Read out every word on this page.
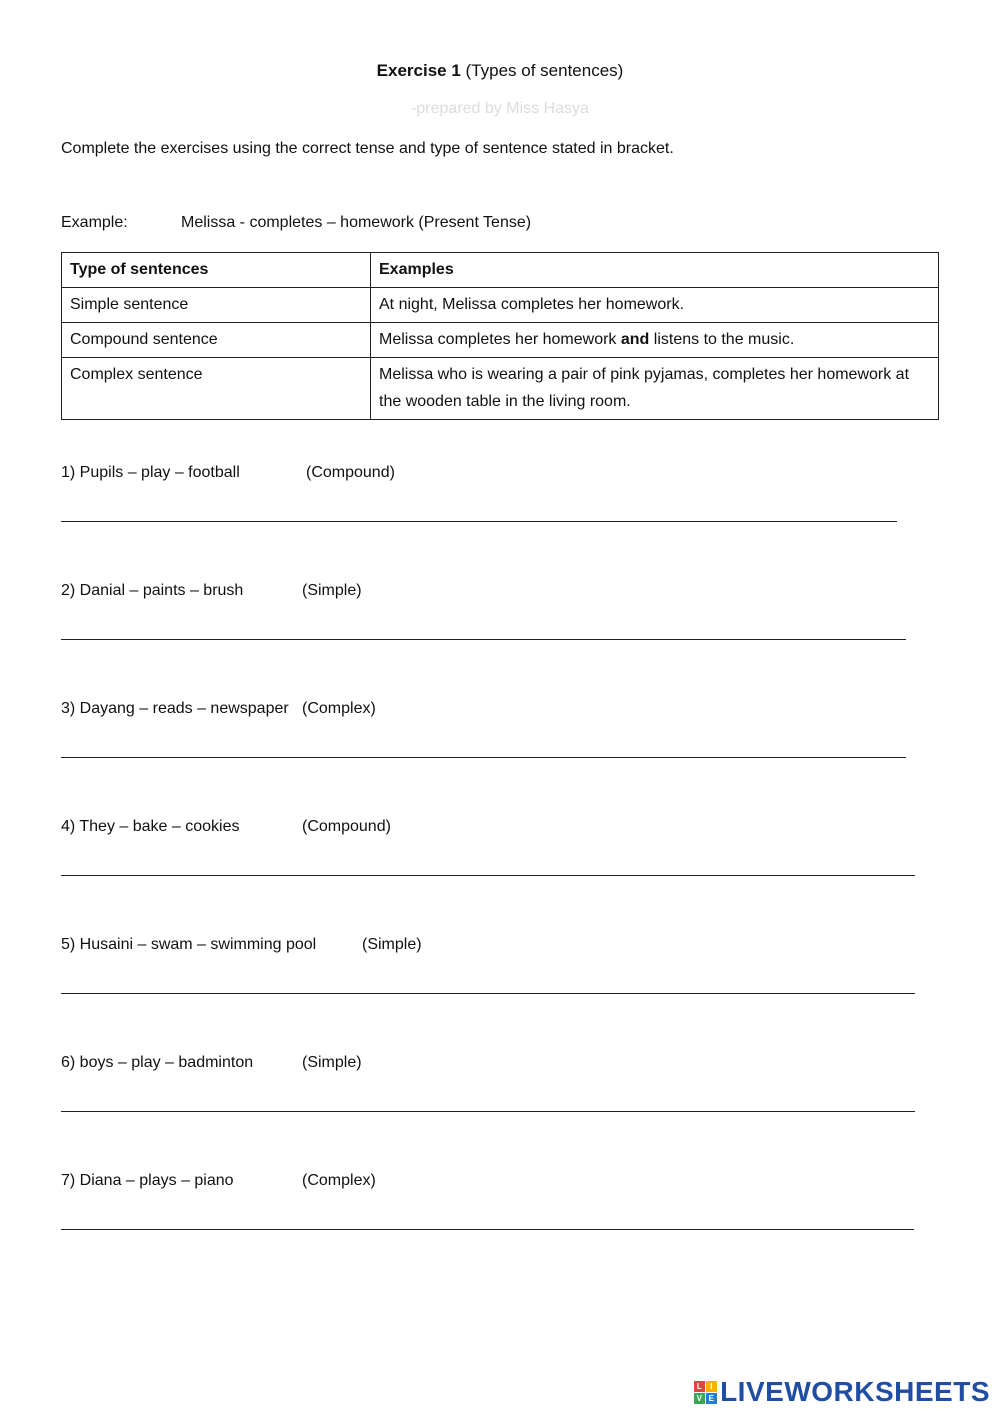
Exercise 1 (Types of sentences)
-prepared by Miss Hasya
Complete the exercises using the correct tense and type of sentence stated in bracket.
Example:	Melissa - completes – homework (Present Tense)
Type of sentences	Examples
Simple sentence	At night, Melissa completes her homework.
Compound sentence	Melissa completes her homework and listens to the music.
Complex sentence	Melissa who is wearing a pair of pink pyjamas, completes her homework at the wooden table in the living room.
1) Pupils – play – football	(Compound)
2) Danial – paints – brush	(Simple)
3) Dayang – reads – newspaper (Complex)
4) They – bake – cookies	(Compound)
5) Husaini – swam – swimming pool	(Simple)
6) boys – play – badminton	(Simple)
7) Diana – plays – piano	(Complex)
L I
V E LIVEWORKSHEETS
